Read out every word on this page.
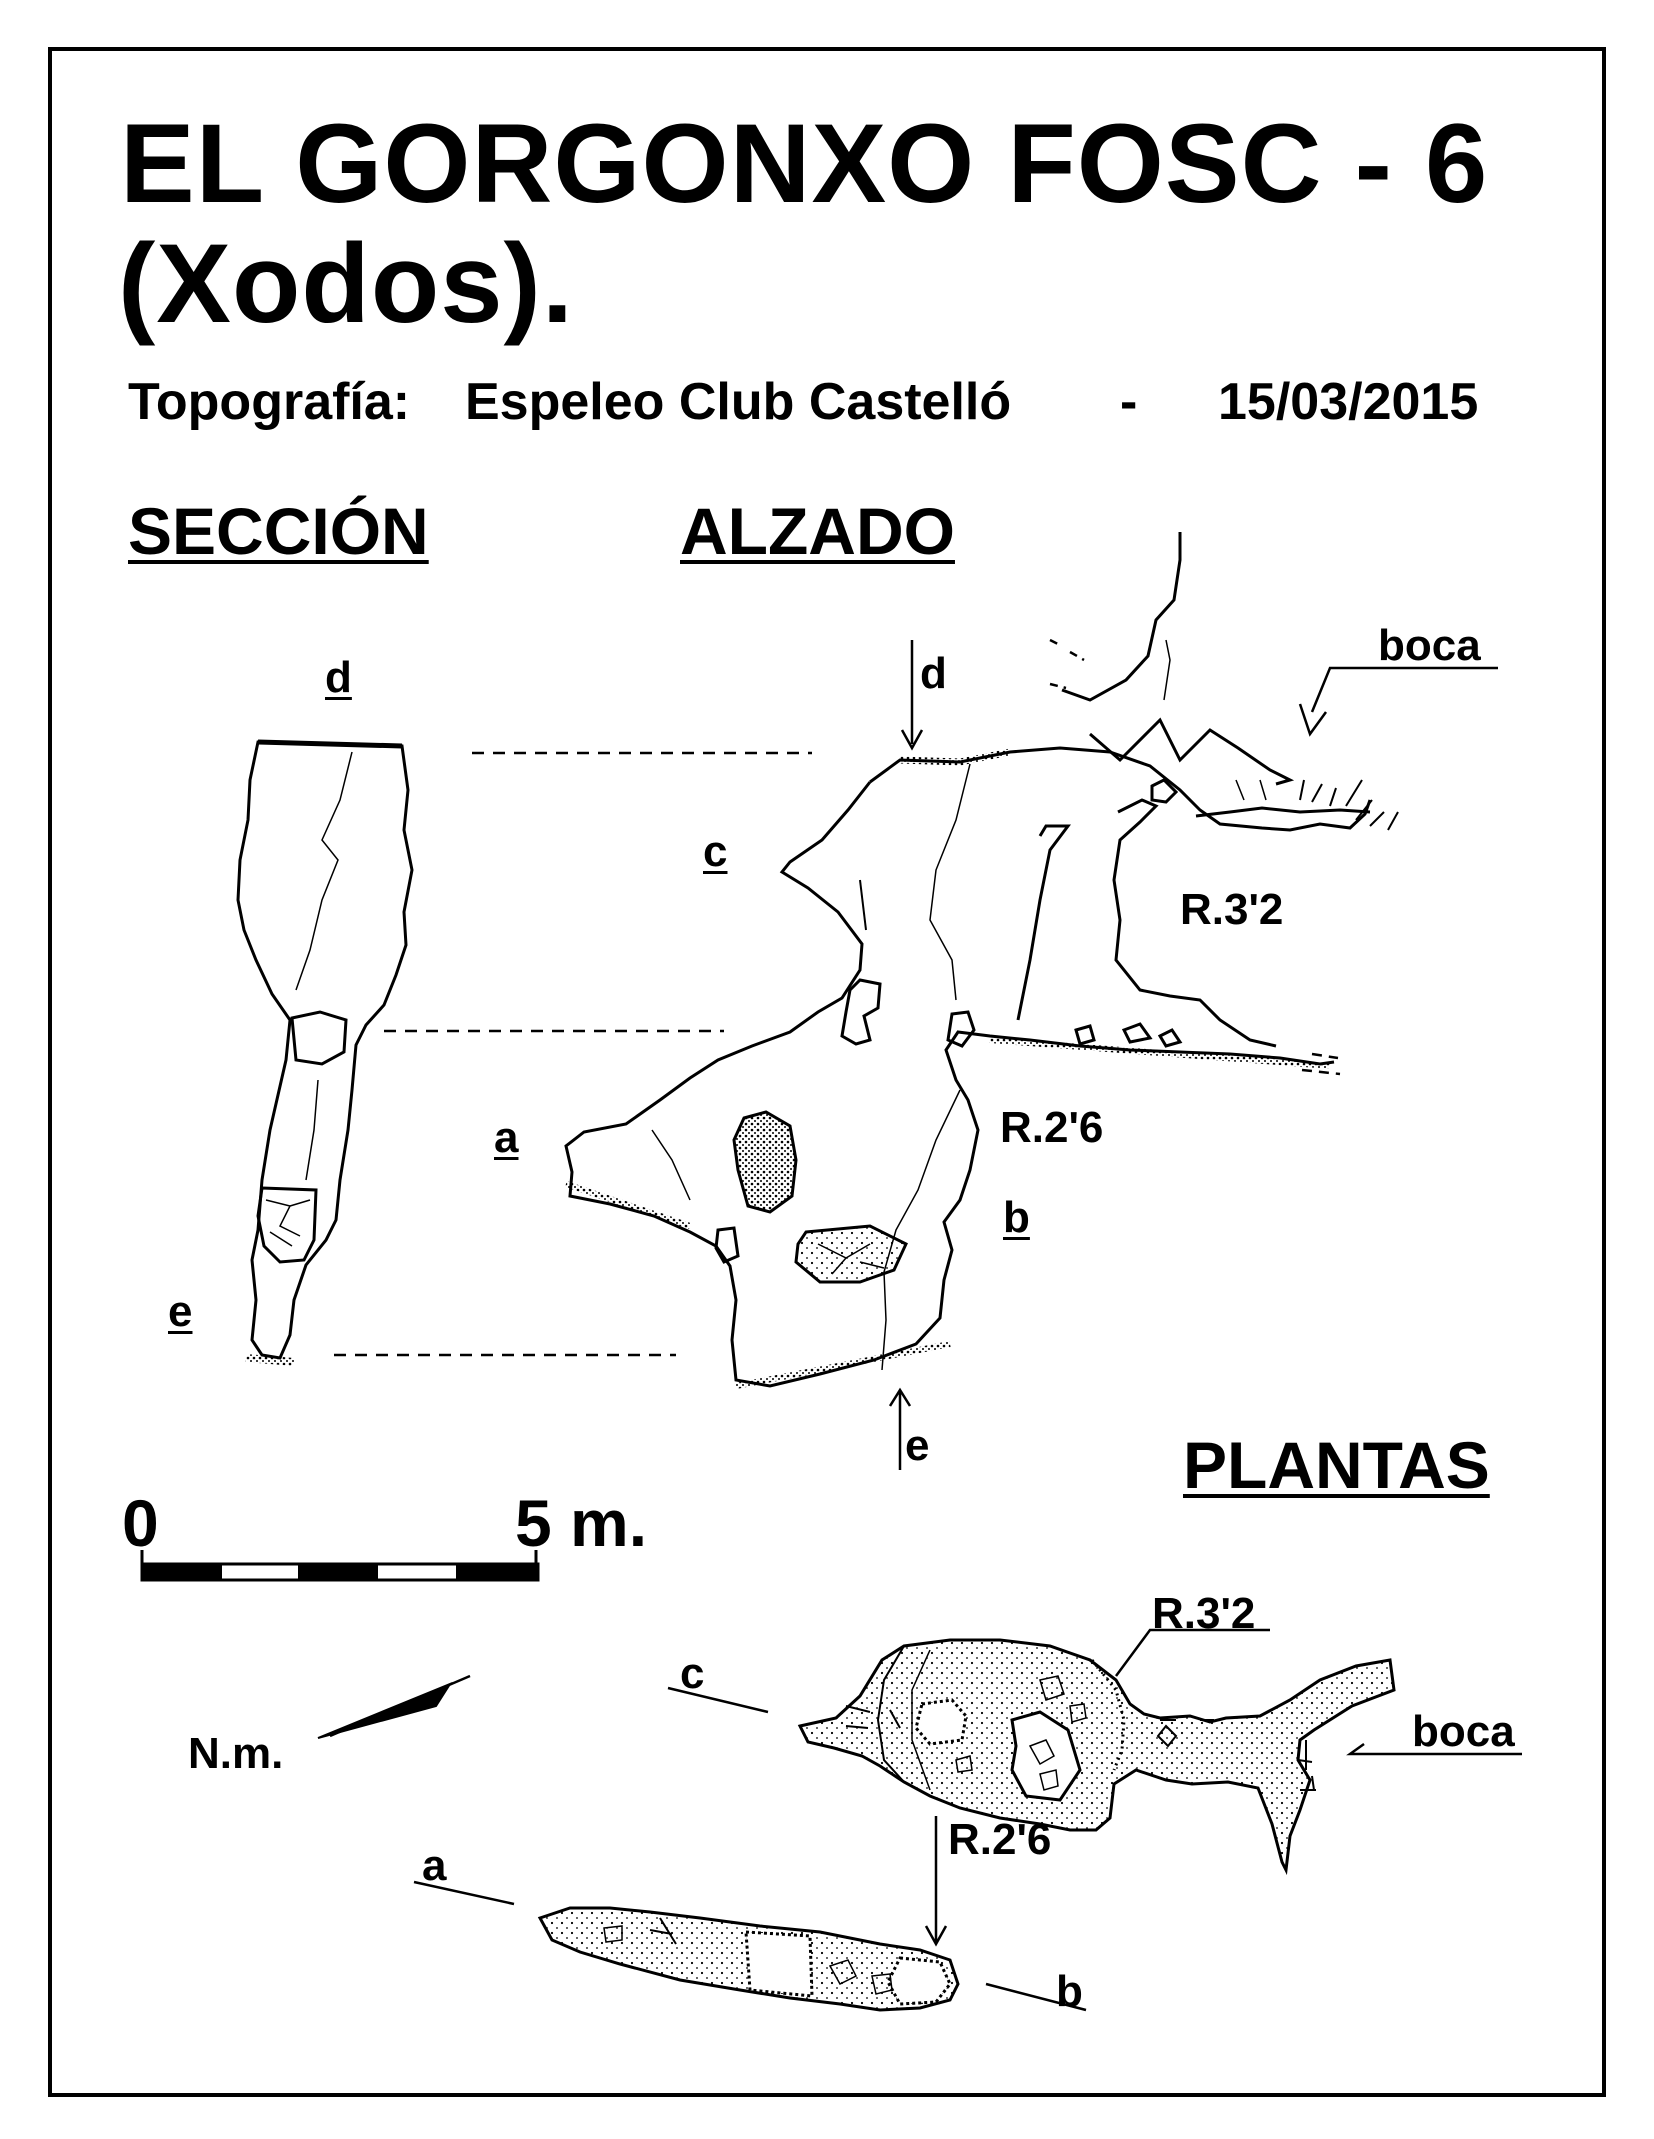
EL GORGONXO FOSC - 6
(Xodos).
Topografía: Espeleo Club Castelló - 15/03/2015
SECCIÓN	ALZADO
PLANTAS
d
e
d
c
a
b
e
boca
R.3'2
R.2'6
0	5 m.
N.m.
c
a
b
boca
R.3'2
R.2'6
